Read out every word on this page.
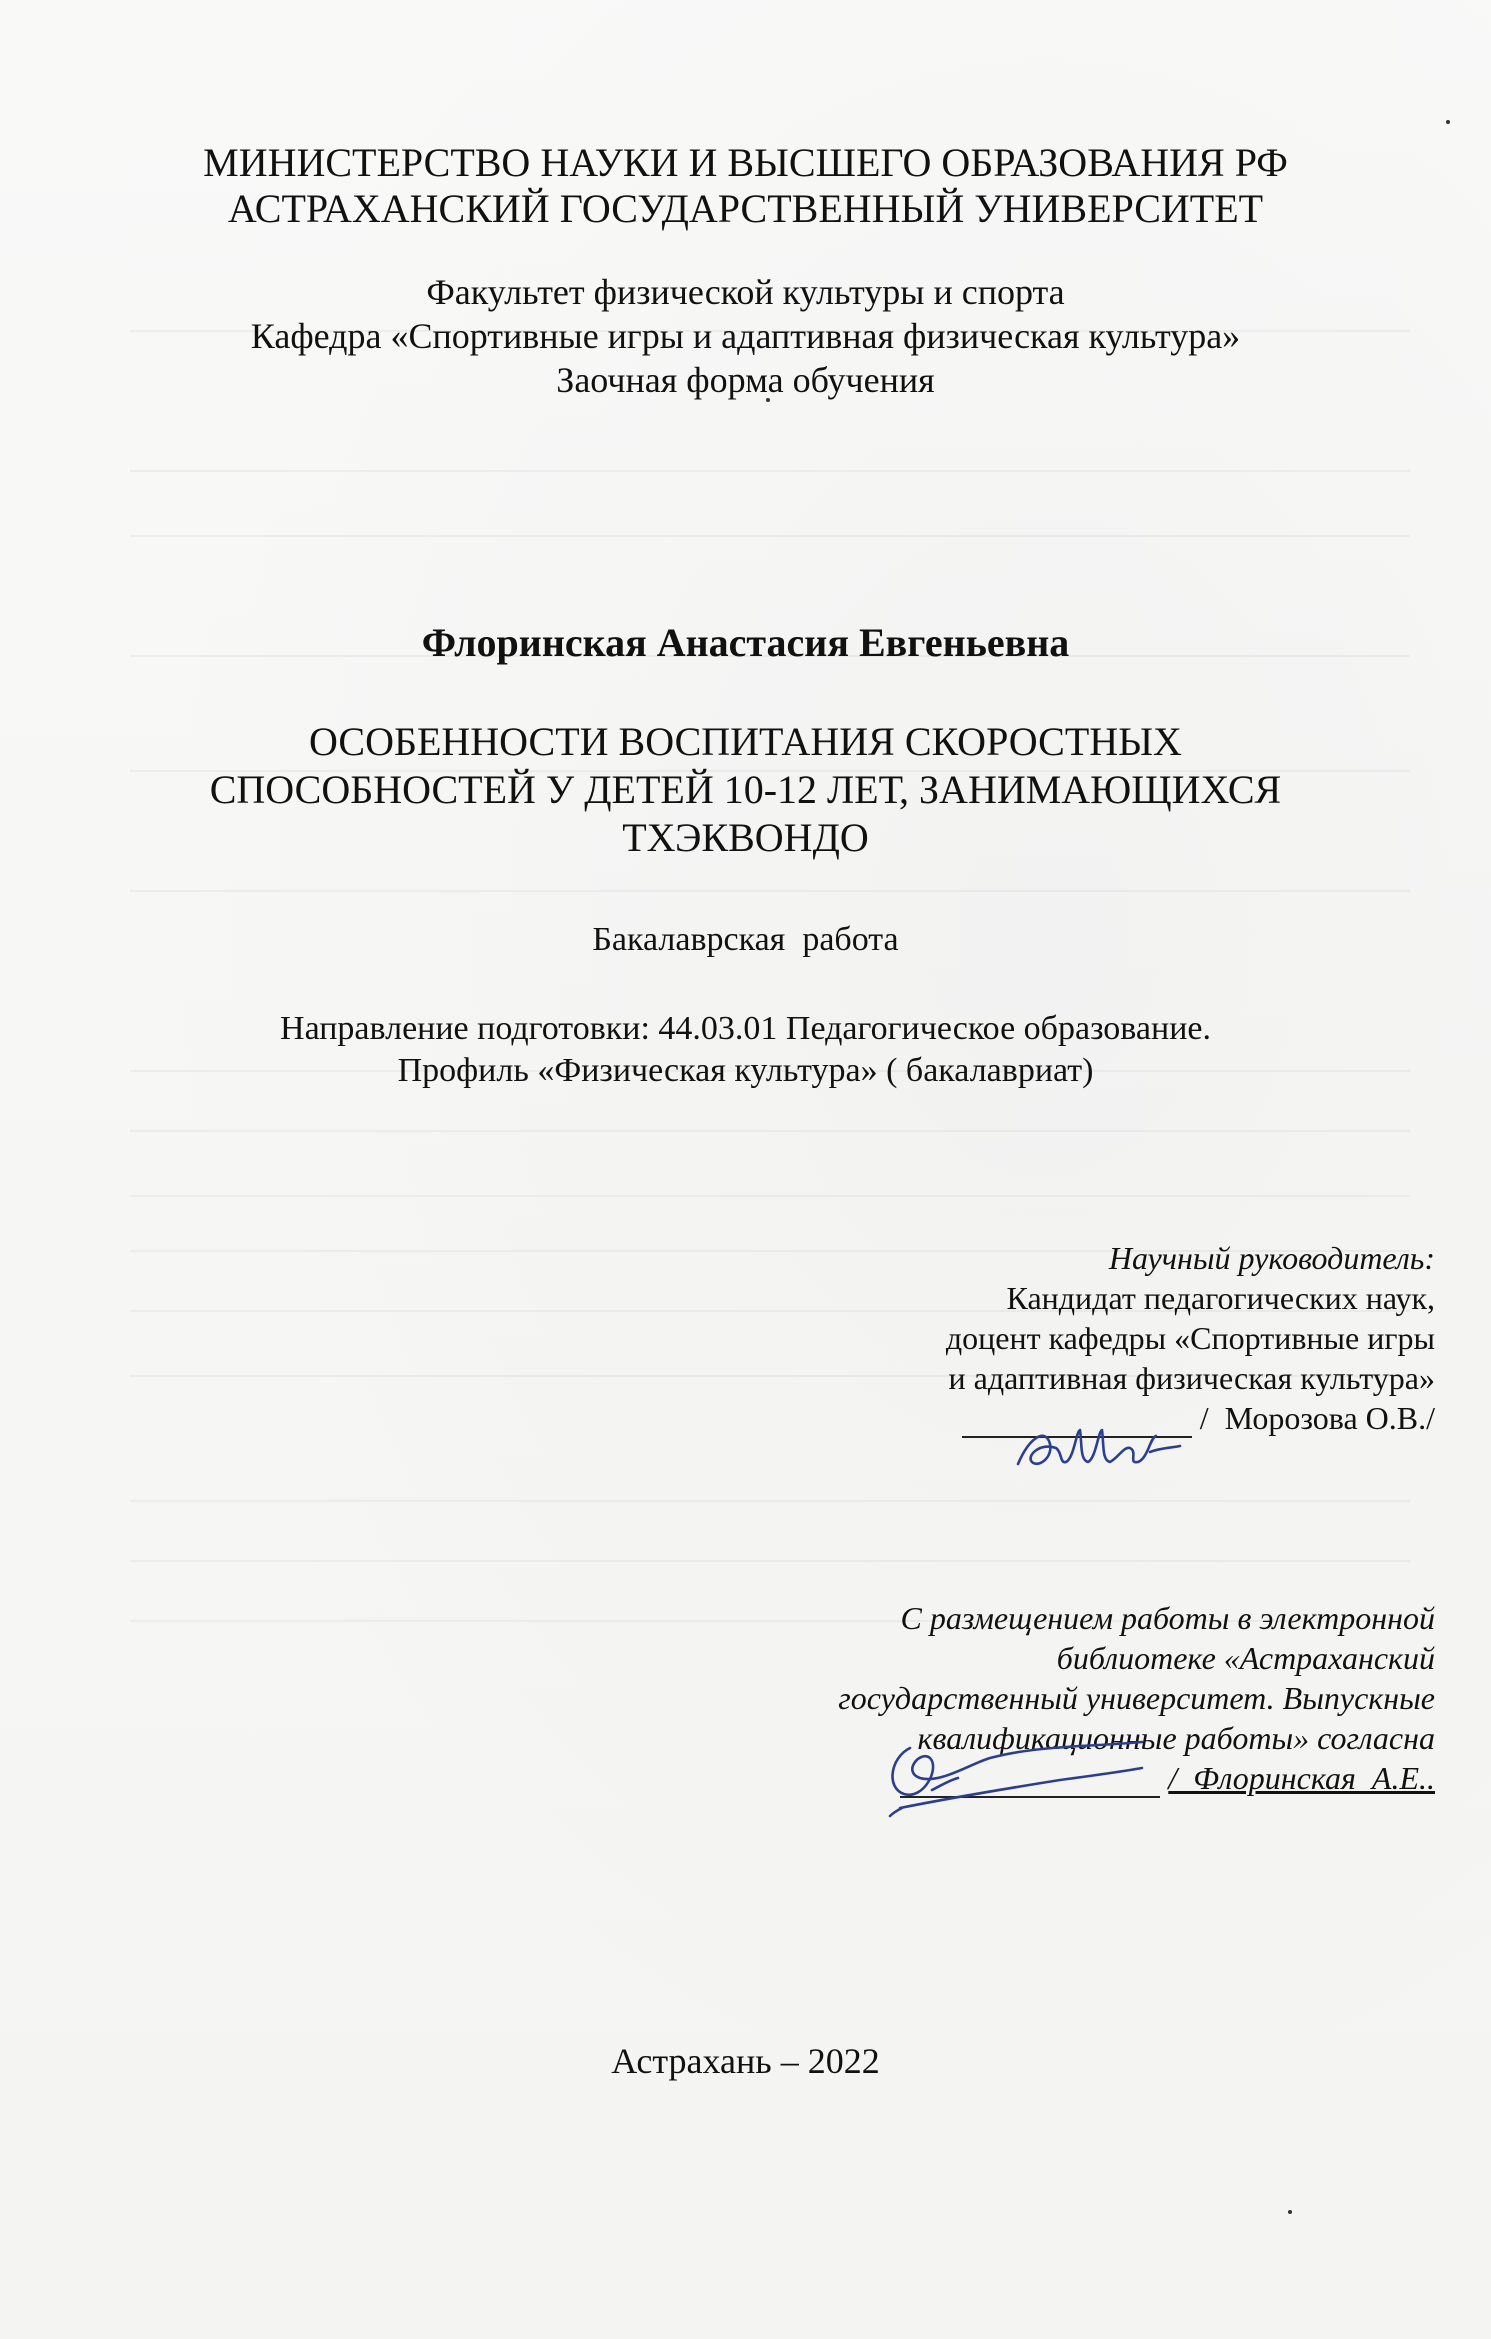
МИНИСТЕРСТВО НАУКИ И ВЫСШЕГО ОБРАЗОВАНИЯ РФ
АСТРАХАНСКИЙ ГОСУДАРСТВЕННЫЙ УНИВЕРСИТЕТ
Факультет физической культуры и спорта
Кафедра «Спортивные игры и адаптивная физическая культура»
Заочная форма обучения
Флоринская Анастасия Евгеньевна
ОСОБЕННОСТИ ВОСПИТАНИЯ СКОРОСТНЫХ
СПОСОБНОСТЕЙ У ДЕТЕЙ 10-12 ЛЕТ, ЗАНИМАЮЩИХСЯ
ТХЭКВОНДО
Бакалаврская  работа
Направление подготовки: 44.03.01 Педагогическое образование.
Профиль «Физическая культура» ( бакалавриат)
Научный руководитель:
Кандидат педагогических наук,
доцент кафедры «Спортивные игры
и адаптивная физическая культура»
/  Морозова О.В./
С размещением работы в электронной
библиотеке «Астраханский
государственный университет. Выпускные
квалификационные работы» согласна
/  Флоринская  А.Е..
Астрахань – 2022
